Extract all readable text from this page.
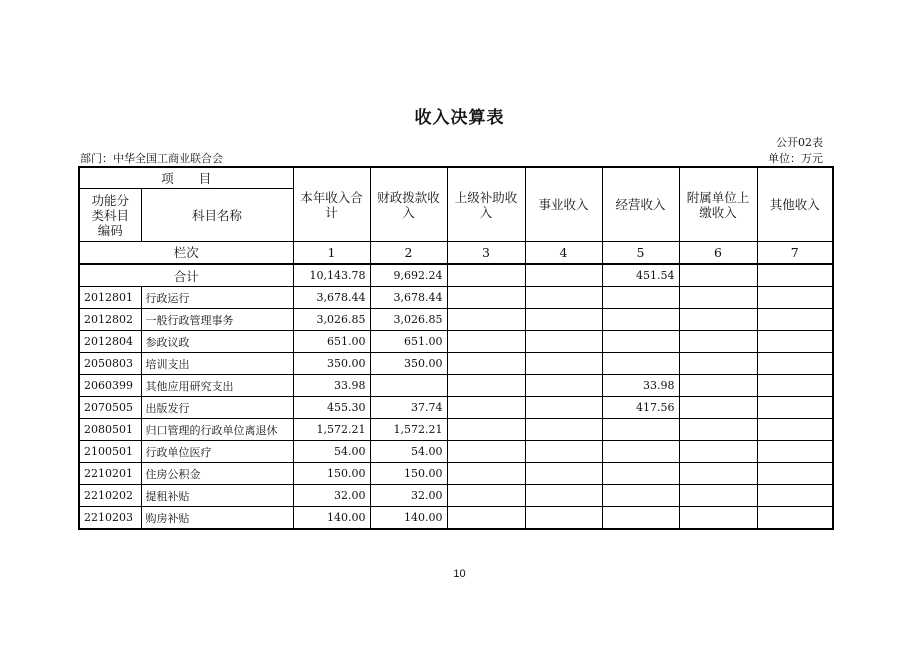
收入决算表
公开02表
部门：中华全国工商业联合会	单位：万元
项　　目		本年收入合计	财政拨款收入	上级补助收入	事业收入	经营收入	附属单位上缴收入	其他收入
功能分类科目编码	科目名称							
栏次		1	2	3	4	5	6	7
合计		10,143.78	9,692.24			451.54		
2012801	行政运行	3,678.44	3,678.44					
2012802	一般行政管理事务	3,026.85	3,026.85					
2012804	参政议政	651.00	651.00					
2050803	培训支出	350.00	350.00					
2060399	其他应用研究支出	33.98				33.98		
2070505	出版发行	455.30	37.74			417.56		
2080501	归口管理的行政单位离退休	1,572.21	1,572.21					
2100501	行政单位医疗	54.00	54.00					
2210201	住房公积金	150.00	150.00					
2210202	提租补贴	32.00	32.00					
2210203	购房补贴	140.00	140.00					
10
